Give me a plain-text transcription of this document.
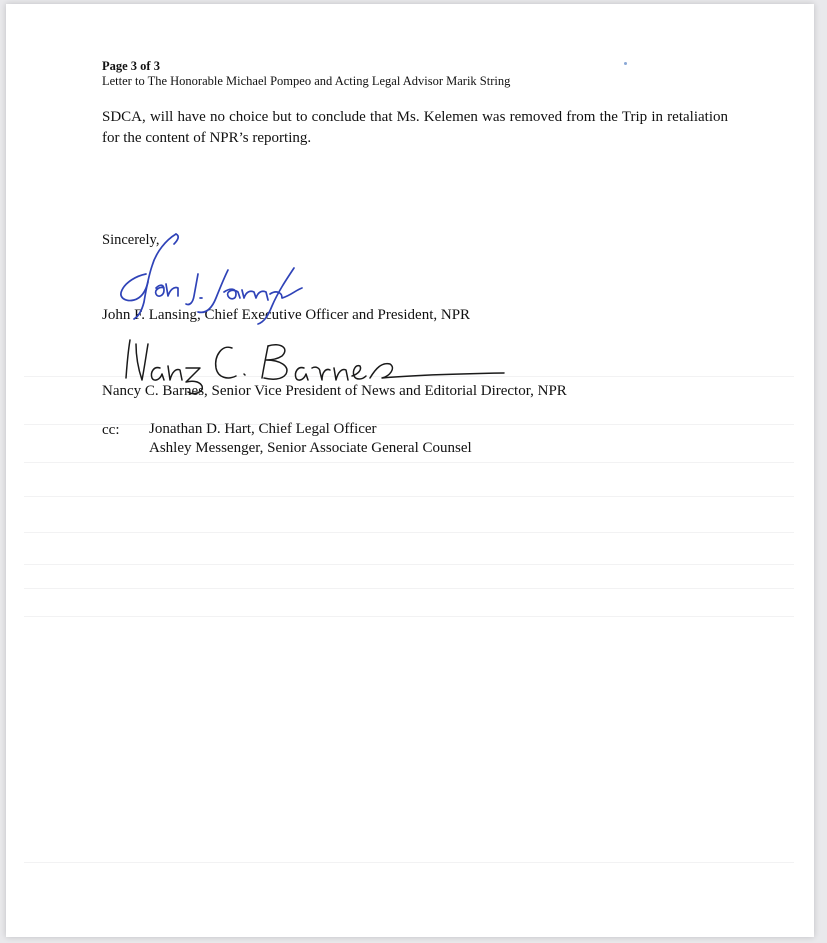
Page 3 of 3
Letter to The Honorable Michael Pompeo and Acting Legal Advisor Marik String
SDCA, will have no choice but to conclude that Ms. Kelemen was removed from the Trip in retaliation for the content of NPR’s reporting.
Sincerely,
John F. Lansing, Chief Executive Officer and President, NPR
Nancy C. Barnes, Senior Vice President of News and Editorial Director, NPR
cc: Jonathan D. Hart, Chief Legal Officer
Ashley Messenger, Senior Associate General Counsel
